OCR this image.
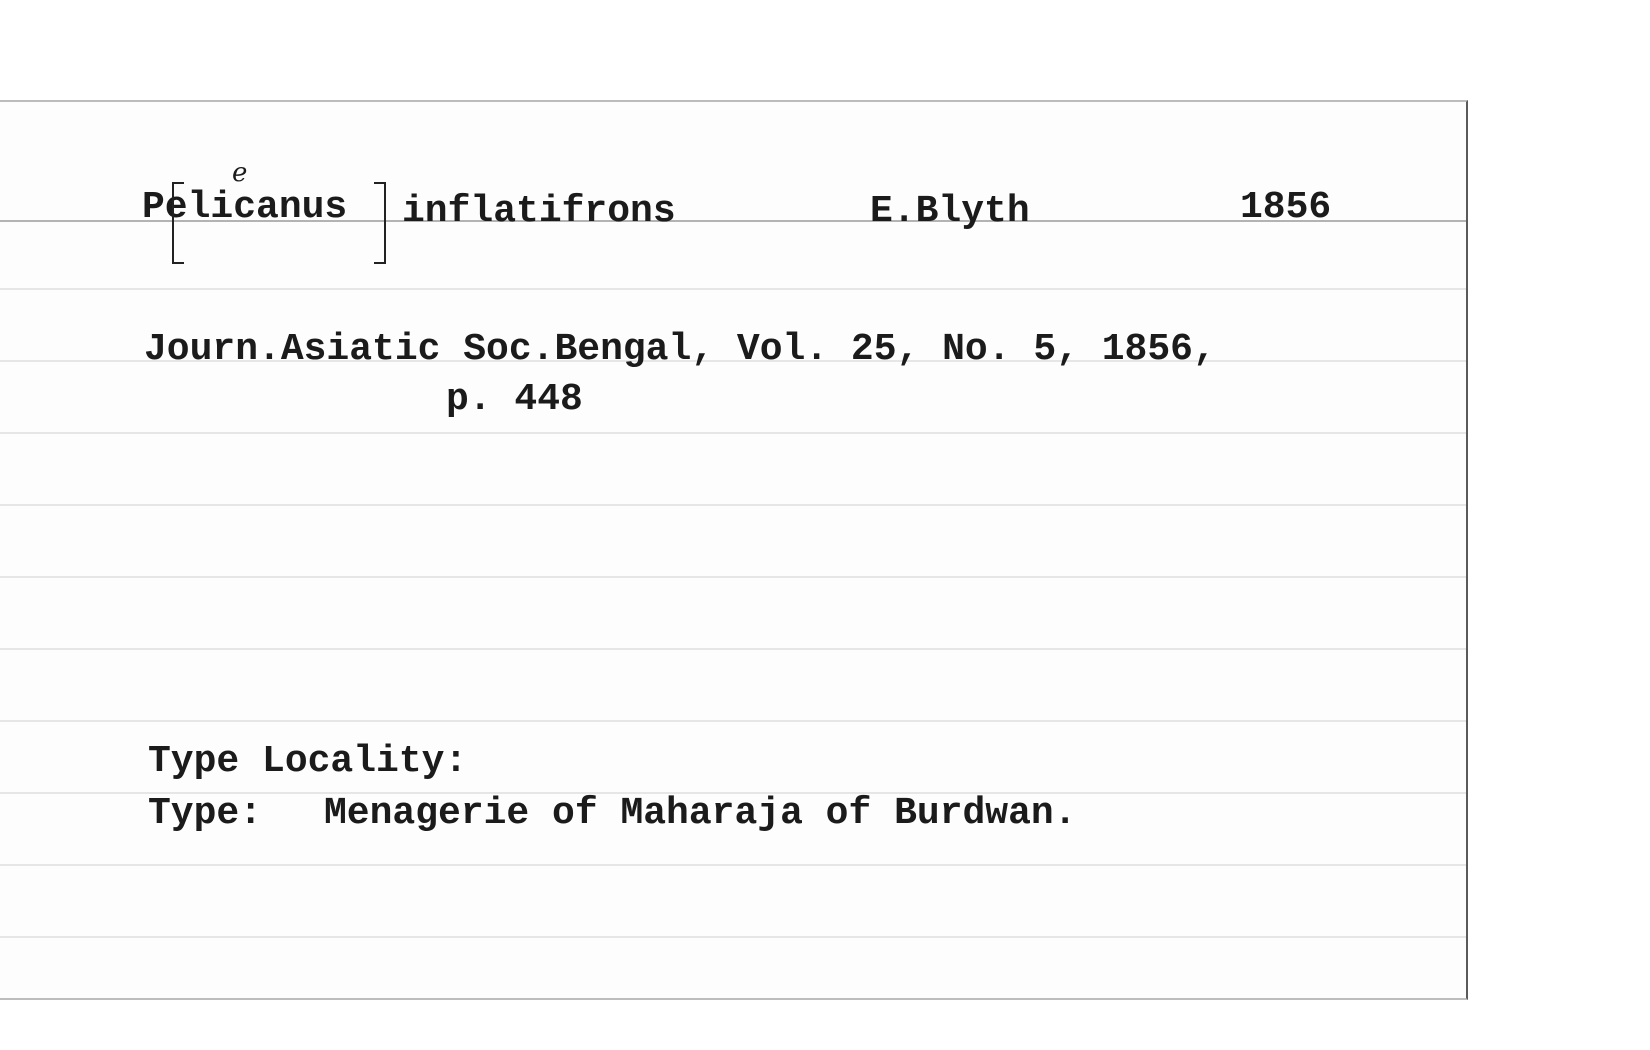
Pelicanus
e
inflatifrons	E.Blyth	1856
Journ.Asiatic Soc.Bengal, Vol. 25, No. 5, 1856,
p. 448
Type Locality:
Type: Menagerie of Maharaja of Burdwan.
